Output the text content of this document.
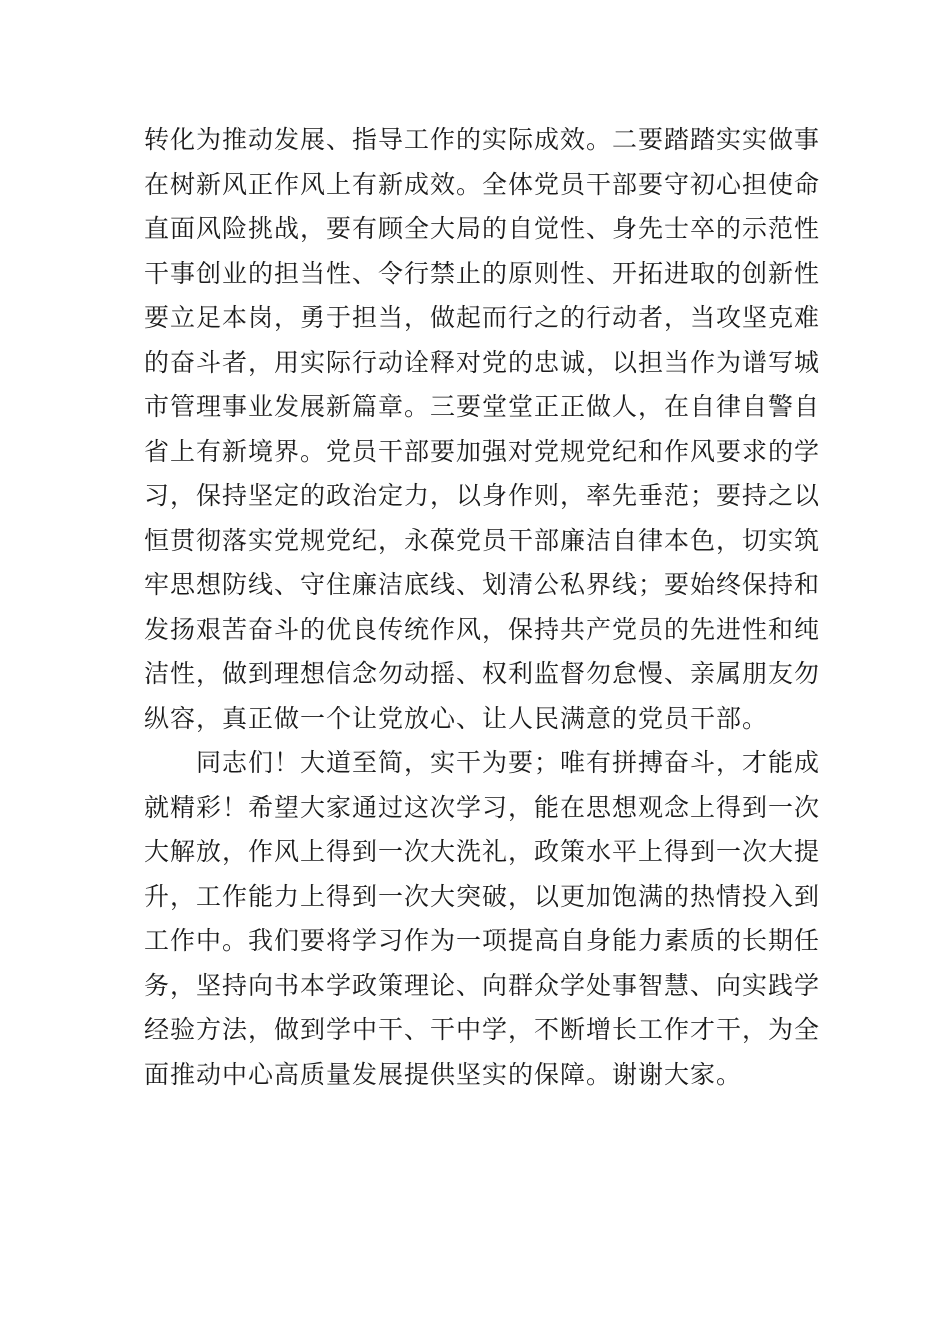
转化为推动发展、指导工作的实际成效。二要踏踏实实做事
在树新风正作风上有新成效。全体党员干部要守初心担使命
直面风险挑战，要有顾全大局的自觉性、身先士卒的示范性
干事创业的担当性、令行禁止的原则性、开拓进取的创新性
要立足本岗，勇于担当，做起而行之的行动者，当攻坚克难
的奋斗者，用实际行动诠释对党的忠诚，以担当作为谱写城
市管理事业发展新篇章。三要堂堂正正做人，在自律自警自
省上有新境界。党员干部要加强对党规党纪和作风要求的学
习，保持坚定的政治定力，以身作则，率先垂范；要持之以
恒贯彻落实党规党纪，永葆党员干部廉洁自律本色，切实筑
牢思想防线、守住廉洁底线、划清公私界线；要始终保持和
发扬艰苦奋斗的优良传统作风，保持共产党员的先进性和纯
洁性，做到理想信念勿动摇、权利监督勿怠慢、亲属朋友勿
纵容，真正做一个让党放心、让人民满意的党员干部。
同志们！大道至简，实干为要；唯有拼搏奋斗，才能成
就精彩！希望大家通过这次学习，能在思想观念上得到一次
大解放，作风上得到一次大洗礼，政策水平上得到一次大提
升，工作能力上得到一次大突破，以更加饱满的热情投入到
工作中。我们要将学习作为一项提高自身能力素质的长期任
务，坚持向书本学政策理论、向群众学处事智慧、向实践学
经验方法，做到学中干、干中学，不断增长工作才干，为全
面推动中心高质量发展提供坚实的保障。谢谢大家。
